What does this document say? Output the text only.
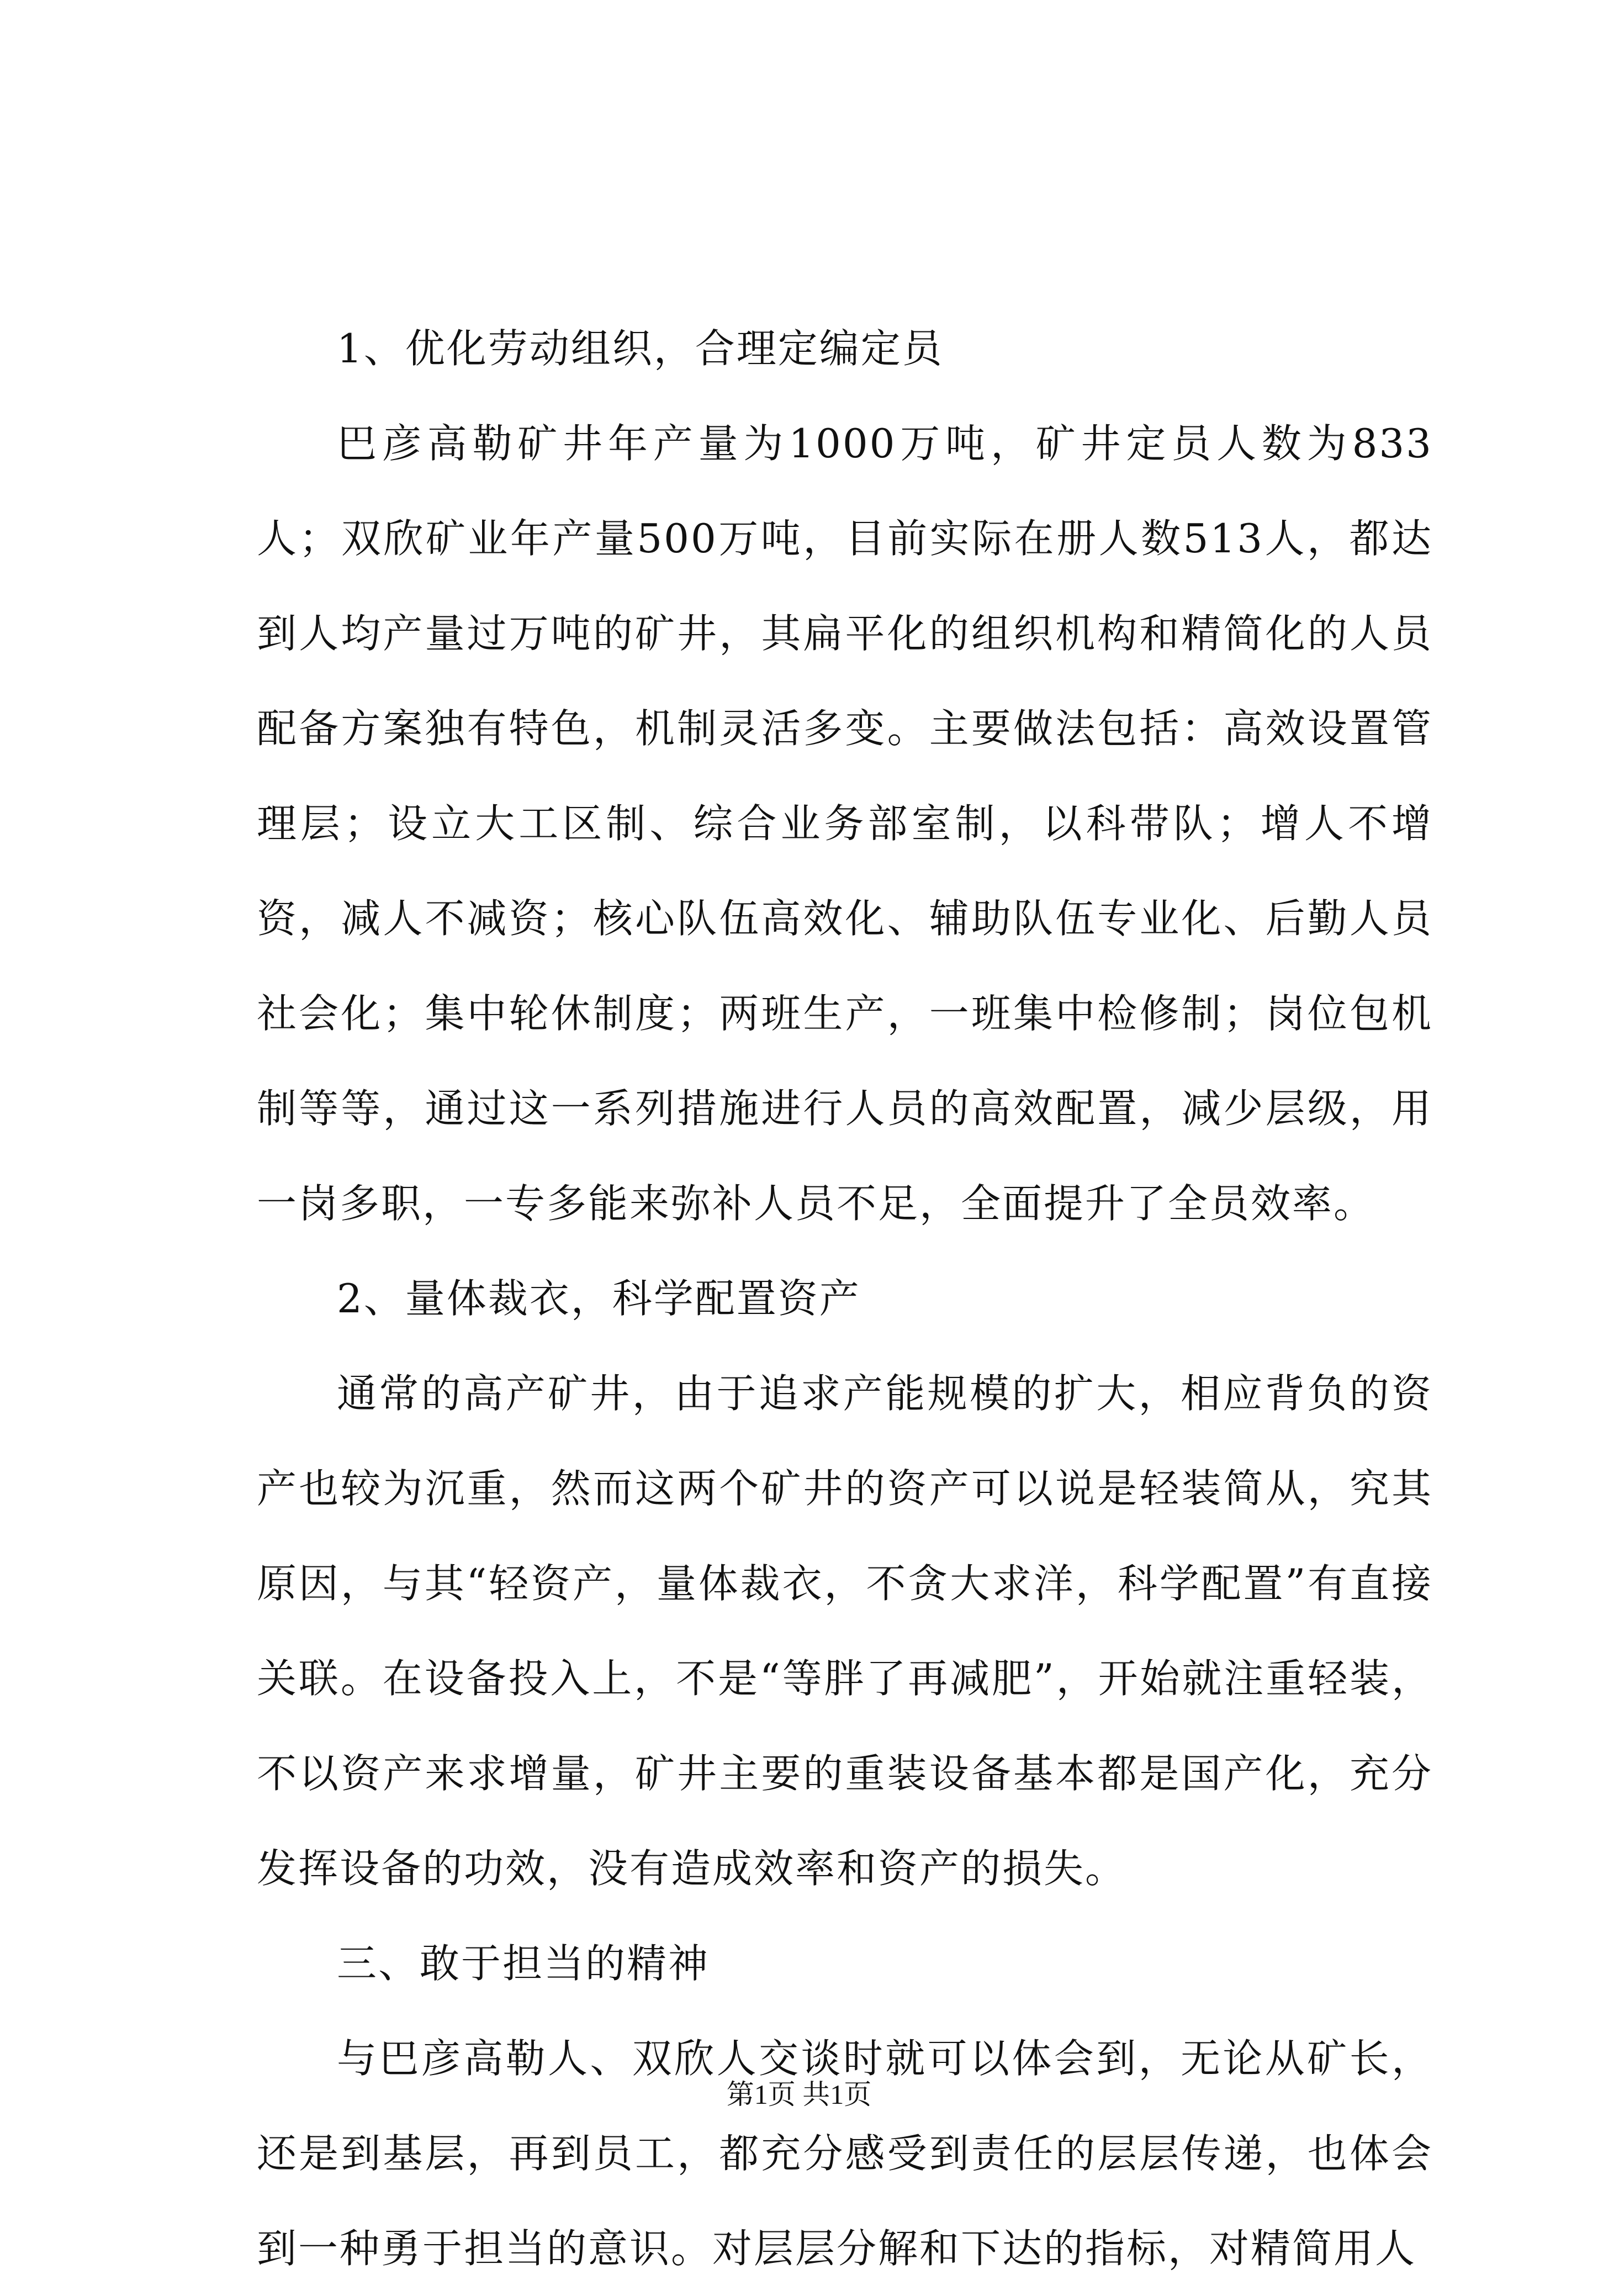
1、优化劳动组织，合理定编定员

巴彦高勒矿井年产量为1000万吨，矿井定员人数为833人；双欣矿业年产量500万吨，目前实际在册人数513人，都达到人均产量过万吨的矿井，其扁平化的组织机构和精简化的人员配备方案独有特色，机制灵活多变。主要做法包括：高效设置管理层；设立大工区制、综合业务部室制，以科带队；增人不增资，减人不减资；核心队伍高效化、辅助队伍专业化、后勤人员社会化；集中轮休制度；两班生产，一班集中检修制；岗位包机制等等，通过这一系列措施进行人员的高效配置，减少层级，用一岗多职，一专多能来弥补人员不足，全面提升了全员效率。

2、量体裁衣，科学配置资产

通常的高产矿井，由于追求产能规模的扩大，相应背负的资产也较为沉重，然而这两个矿井的资产可以说是轻装简从，究其原因，与其“轻资产，量体裁衣，不贪大求洋，科学配置”有直接关联。在设备投入上，不是“等胖了再减肥”，开始就注重轻装，不以资产来求增量，矿井主要的重装设备基本都是国产化，充分发挥设备的功效，没有造成效率和资产的损失。

三、敢于担当的精神

与巴彦高勒人、双欣人交谈时就可以体会到，无论从矿长，还是到基层，再到员工，都充分感受到责任的层层传递，也体会到一种勇于担当的意识。对层层分解和下达的指标，对精简用人

第1页 共1页
